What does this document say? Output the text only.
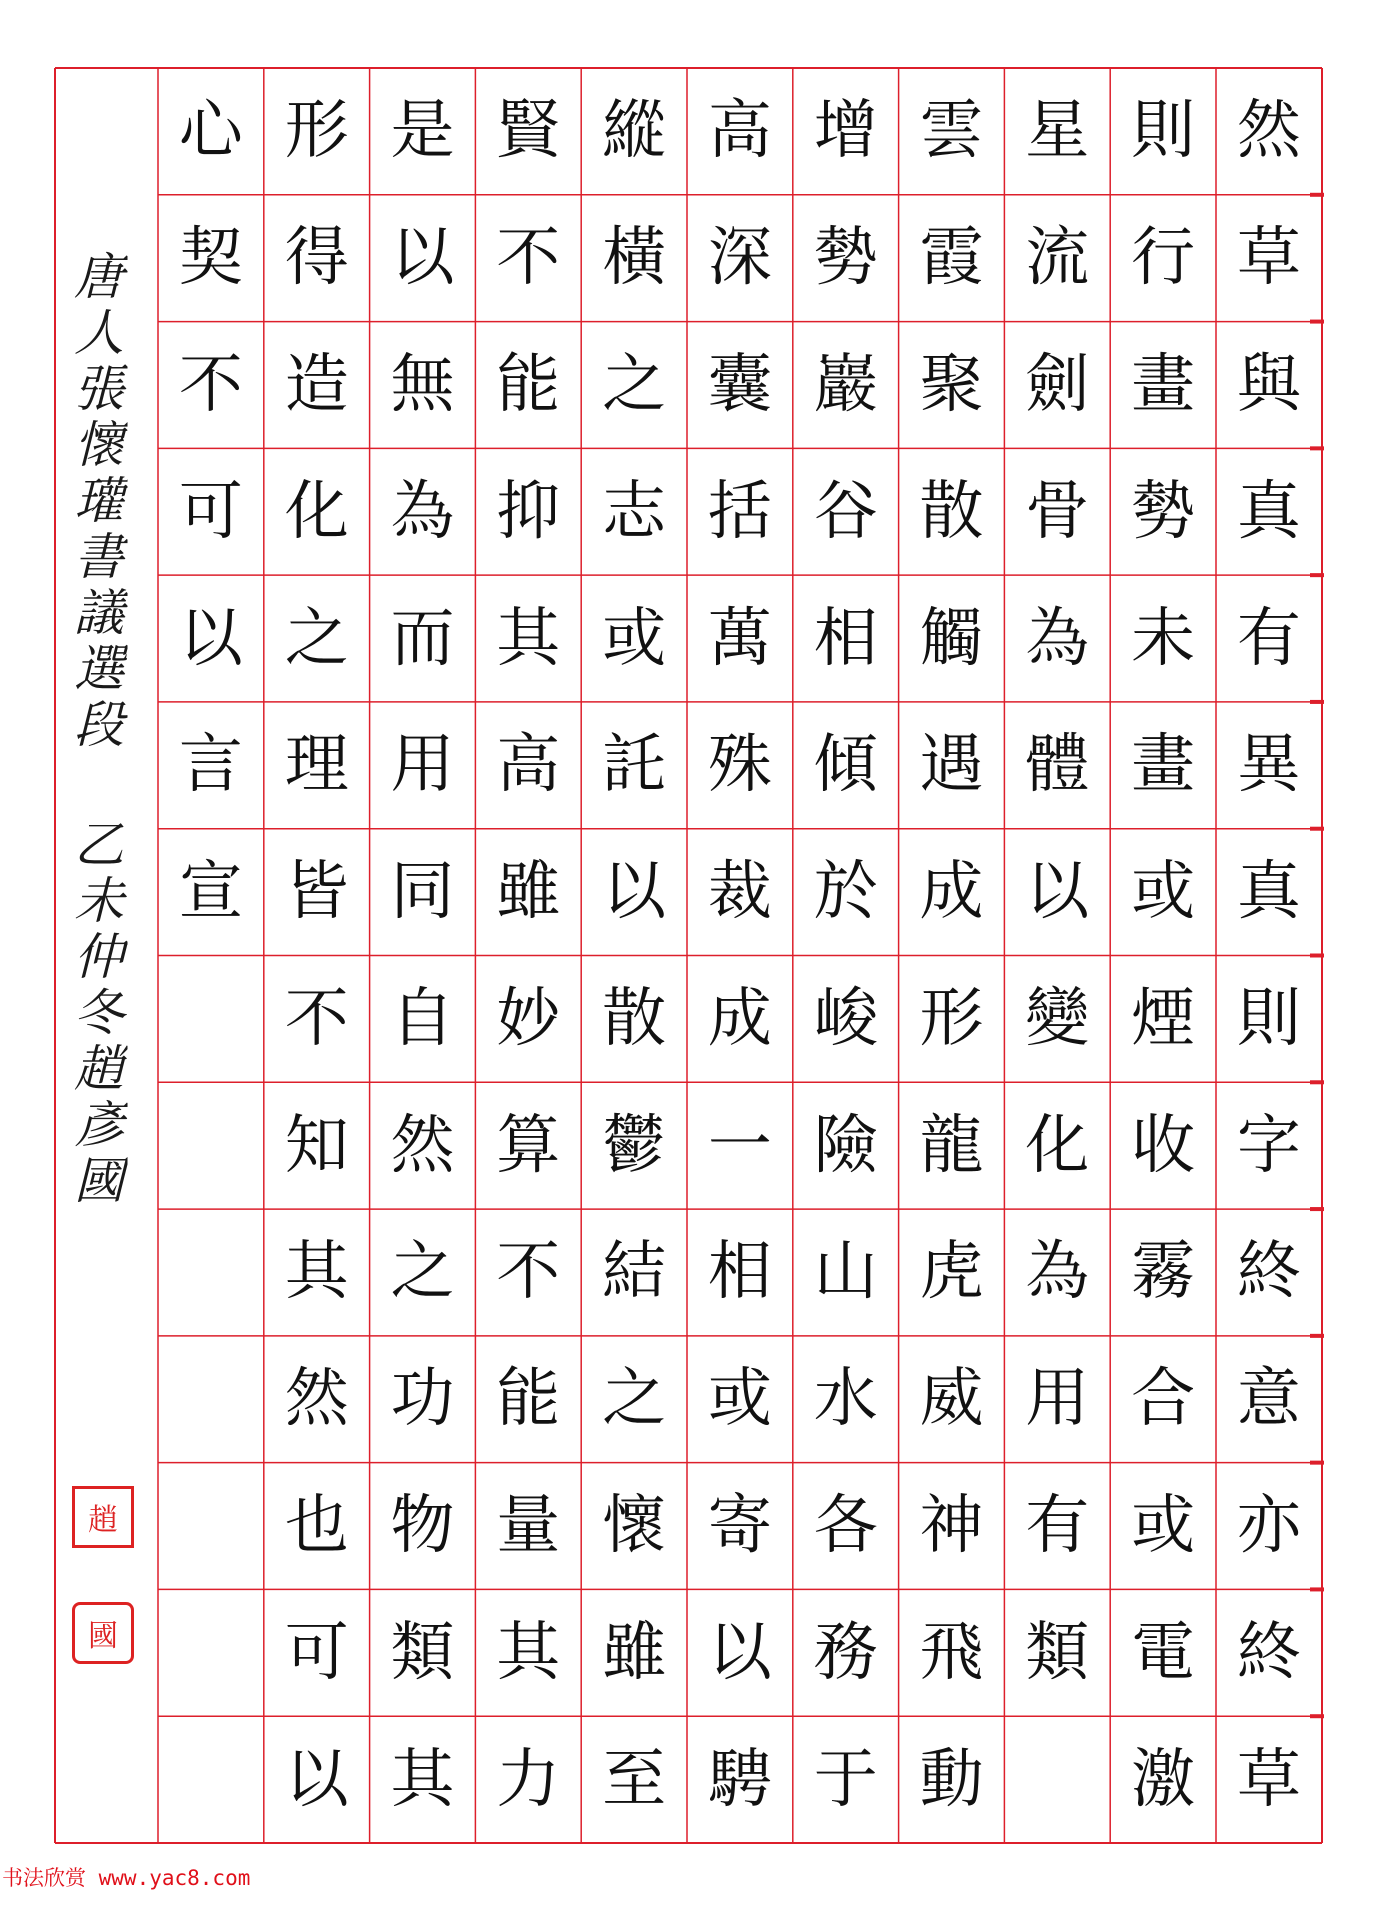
然
草
與
真
有
異
真
則
字
終
意
亦
終
草
則
行
畫
勢
未
畫
或
煙
收
霧
合
或
電
激
星
流
劍
骨
為
體
以
變
化
為
用
有
類
雲
霞
聚
散
觸
遇
成
形
龍
虎
威
神
飛
動
增
勢
巖
谷
相
傾
於
峻
險
山
水
各
務
于
高
深
囊
括
萬
殊
裁
成
一
相
或
寄
以
騁
縱
橫
之
志
或
託
以
散
鬱
結
之
懷
雖
至
賢
不
能
抑
其
高
雖
妙
算
不
能
量
其
力
是
以
無
為
而
用
同
自
然
之
功
物
類
其
形
得
造
化
之
理
皆
不
知
其
然
也
可
以
心
契
不
可
以
言
宣
唐人張懷瓘書議選段 乙未仲冬趙彥國
趙
國
书法欣赏 www.yac8.com
